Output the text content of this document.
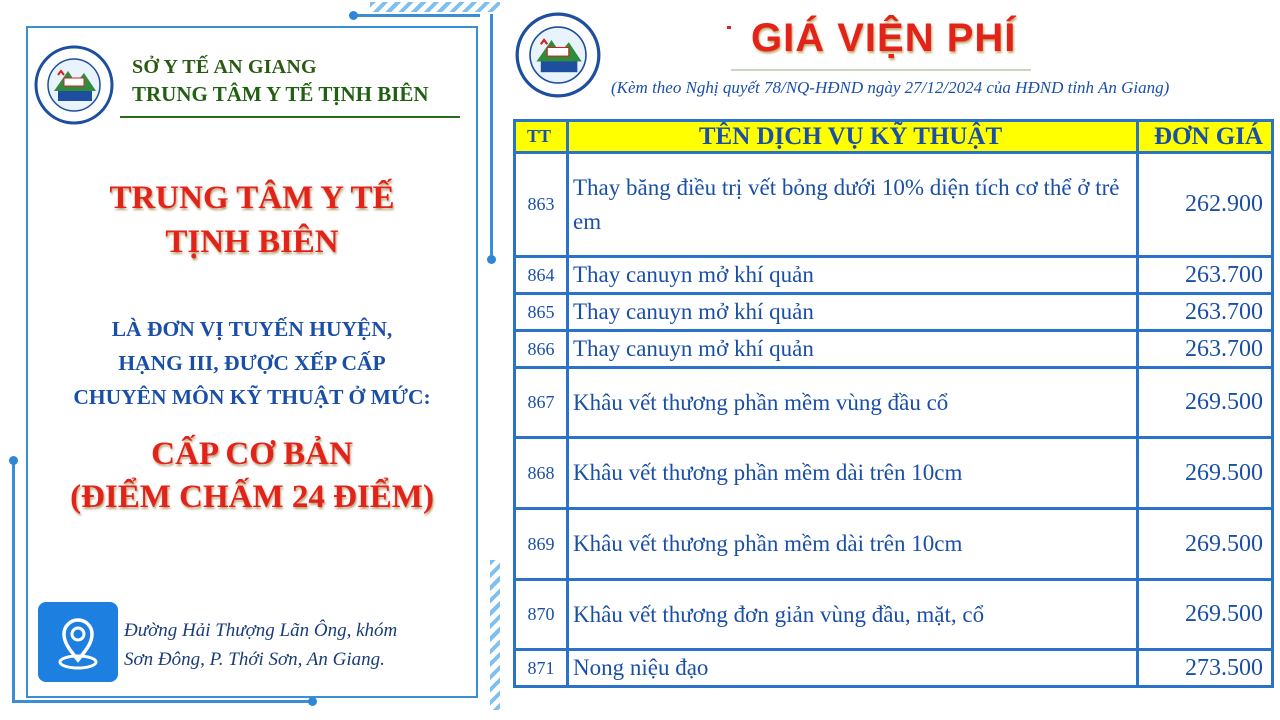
SỞ Y TẾ AN GIANG
TRUNG TÂM Y TẾ TỊNH BIÊN
TRUNG TÂM Y TẾ
TỊNH BIÊN
LÀ ĐƠN VỊ TUYẾN HUYỆN,
HẠNG III, ĐƯỢC XẾP CẤP
CHUYÊN MÔN KỸ THUẬT Ở MỨC:
CẤP CƠ BẢN
(ĐIỂM CHẤM 24 ĐIỂM)
Đường Hải Thượng Lãn Ông, khóm
Sơn Đông, P. Thới Sơn, An Giang.
GIÁ VIỆN PHÍ
(Kèm theo Nghị quyết 78/NQ-HĐND ngày 27/12/2024 của HĐND tỉnh An Giang)
TT	TÊN DỊCH VỤ KỸ THUẬT	ĐƠN GIÁ
863	Thay băng điều trị vết bỏng dưới 10% diện tích cơ thể ở trẻ em	262.900
864	Thay canuyn mở khí quản	263.700
865	Thay canuyn mở khí quản	263.700
866	Thay canuyn mở khí quản	263.700
867	Khâu vết thương phần mềm vùng đầu cổ	269.500
868	Khâu vết thương phần mềm dài trên 10cm	269.500
869	Khâu vết thương phần mềm dài trên 10cm	269.500
870	Khâu vết thương đơn giản vùng đầu, mặt, cổ	269.500
871	Nong niệu đạo	273.500
